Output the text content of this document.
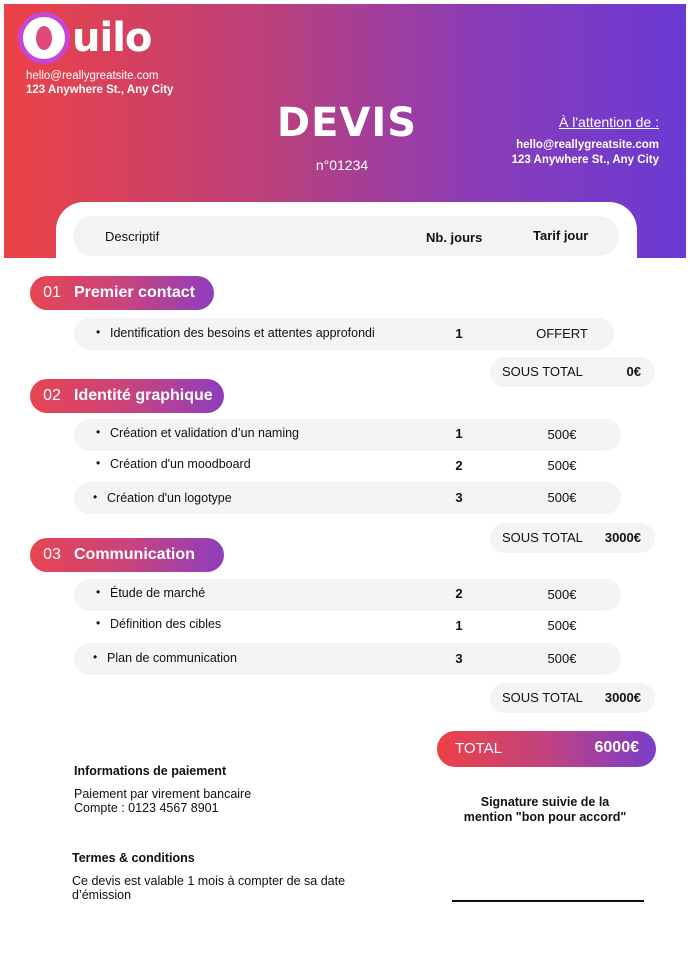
uilo
hello@reallygreatsite.com
123 Anywhere St., Any City
DEVIS
n°01234
À l'attention de :
hello@reallygreatsite.com
123 Anywhere St., Any City
Descriptif	Nb. jours	Tarif jour
01 Premier contact
• Identification des besoins et attentes approfondi	1	OFFERT
SOUS TOTAL	0€
02 Identité graphique
• Création et validation d’un naming	1	500€
• Création d'un moodboard	2	500€
• Création d'un logotype	3	500€
SOUS TOTAL 3000€
03 Communication
• Étude de marché	2	500€
• Définition des cibles	1	500€
• Plan de communication	3	500€
SOUS TOTAL 3000€
TOTAL	6000€
Informations de paiement
Paiement par virement bancaire
Compte : 0123 4567 8901
Termes & conditions
Ce devis est valable 1 mois à compter de sa date
d’émission
Signature suivie de la
mention "bon pour accord"
